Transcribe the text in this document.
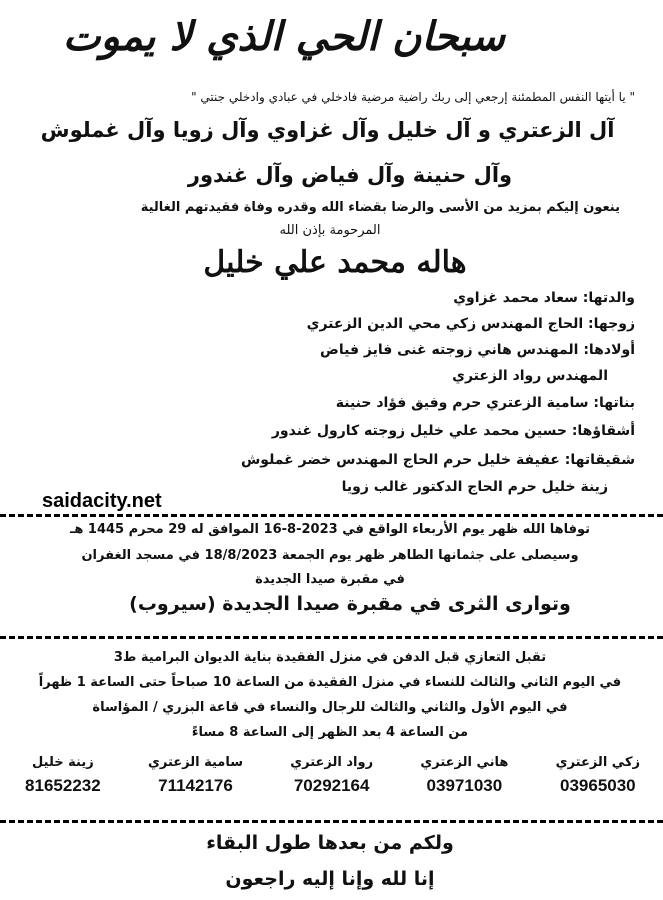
سبحان الحي الذي لا يموت
" يا أيتها النفس المطمئنة إرجعي إلى ربك راضية مرضية فادخلي في عبادي وادخلي جنتي "
آل الزعتري و آل خليل وآل غزاوي وآل زويا وآل غملوش
وآل حنينة وآل فياض وآل غندور
ينعون إليكم بمزيد من الأسى والرضا بقضاء الله وقدره وفاة فقيدتهم الغالية
المرحومة بإذن الله
هاله محمد علي خليل
والدتها: سعاد محمد غزاوي
زوجها: الحاج المهندس زكي محي الدين الزعتري
أولادها: المهندس هاني زوجته غنى فايز فياض
المهندس رواد الزعتري
بناتها: سامية الزعتري حرم وفيق فؤاد حنينة
أشقاؤها: حسين محمد علي خليل زوجته كارول غندور
شقيقاتها: عفيفة خليل حرم الحاج المهندس خضر غملوش
زينة خليل حرم الحاج الدكتور غالب زويا
saidacity.net
توفاها الله ظهر يوم الأربعاء الواقع في 2023-8-16 الموافق له 29 محرم 1445 هـ
وسيصلى على جثمانها الطاهر ظهر يوم الجمعة 18/8/2023 في مسجد الغفران
في مقبرة صيدا الجديدة
وتوارى الثرى في مقبرة صيدا الجديدة (سيروب)
تقبل التعازي قبل الدفن في منزل الفقيدة بناية الديوان البرامية ط3
في اليوم الثاني والثالث للنساء في منزل الفقيدة من الساعة 10 صباحاً حتى الساعة 1 ظهراً
في اليوم الأول والثاني والثالث للرجال والنساء في قاعة البزري / المؤاساة
من الساعة 4 بعد الظهر إلى الساعة 8 مساءً
زكي الزعتري
03965030
هاني الزعتري
03971030
رواد الزعتري
70292164
سامية الزعتري
71142176
زينة خليل
81652232
ولكم من بعدها طول البقاء
إنا لله وإنا إليه راجعون
